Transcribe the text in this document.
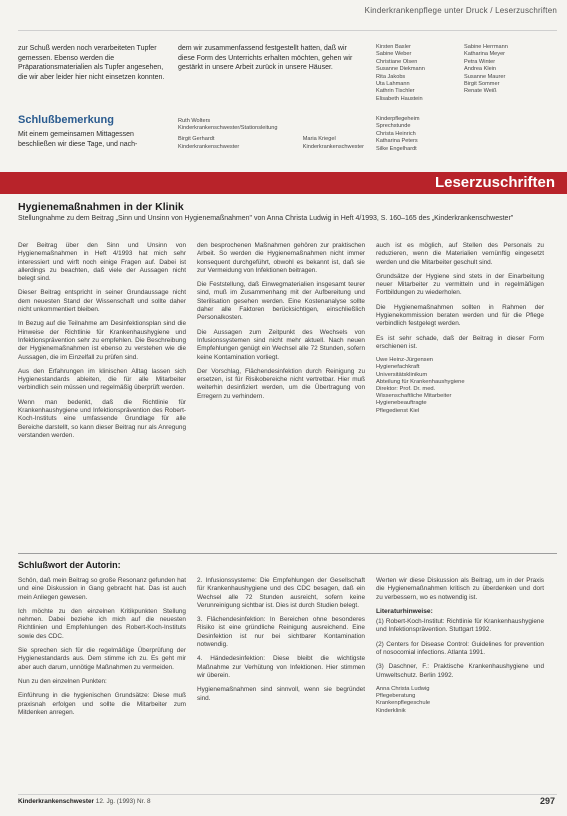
Kinderkrankenpflege unter Druck / Leserzuschriften
zur Schuß werden noch verarbeiteten Tupfer gemessen. Ebenso werden die Präparationsmaterialien als Tupfer angesehen, die wir aber leider hier nicht einsetzen konnten.
Schlußbemerkung
Mit einem gemeinsamen Mittagessen beschließen wir diese Tage, und nach-
dem wir zusammenfassend festgestellt hatten, daß wir diese Form des Unterrichts erhalten möchten, gehen wir gestärkt in unsere Arbeit zurück in unsere Häuser.
Ruth Wolters
Kinderkrankenschwester/Stationsleitung
Birgit Gerhardt
Kinderkrankenschwester
Maria Kriegel
Kinderkrankenschwester
Kirsten Basler
Sabine Weber
Christiane Olsen
Susanne Diekmann
Rita Jakobs
Uta Lahmann
Kathrin Tischler
Elisabeth Haustein
Sabine Herrmann
Katharina Meyer
Petra Winter
Andrea Klein
Susanne Maurer
Birgit Sommer
Renate Weiß
Kinderpflegeheim
Sprechstunde
Christa Heinrich
Katharina Peters
Silke Engelhardt
Leserzuschriften
Hygienemaßnahmen in der Klinik
Stellungnahme zu dem Beitrag „Sinn und Unsinn von Hygienemaßnahmen" von Anna Christa Ludwig in Heft 4/1993, S. 160–165 des „Kinderkrankenschwester"

Der Beitrag über den Sinn und Unsinn von Hygienemaßnahmen in Heft 4/1993 hat mich sehr interessiert und wirft noch einige Fragen auf. Dabei ist allerdings zu beachten, daß viele der Aussagen nicht belegt sind.

Dieser Beitrag entspricht in seiner Grundaussage nicht dem neuesten Stand der Wissenschaft und sollte daher nicht unkommentiert bleiben.

In Bezug auf die Teilnahme am Desinfektionsplan sind die Hinweise der Richtlinie für Krankenhaushygiene und Infektionsprävention sehr zu empfehlen. Die Beschreibung der Hygienemaßnahmen ist ebenso zu verstehen wie die Aussagen, die im Einzelfall zu prüfen sind.

Aus den Erfahrungen im klinischen Alltag lassen sich Hygienestandards ableiten, die für alle Mitarbeiter verbindlich sein müssen und regelmäßig überprüft werden.

Wenn man bedenkt, daß die Richtlinie für Krankenhaushygiene und Infektionsprävention des Robert-Koch-Instituts eine umfassende Grundlage für alle Bereiche darstellt, so kann dieser Beitrag nur als Anregung verstanden werden.

den besprochenen Maßnahmen gehören zur praktischen Arbeit. So werden die Hygienemaßnahmen nicht immer konsequent durchgeführt, obwohl es bekannt ist, daß sie zur Vermeidung von Infektionen beitragen.

Die Feststellung, daß Einwegmaterialien insgesamt teurer sind, muß im Zusammenhang mit der Aufbereitung und Sterilisation gesehen werden. Eine Kostenanalyse sollte daher alle Faktoren berücksichtigen, einschließlich Personalkosten.

Die Aussagen zum Zeitpunkt des Wechsels von Infusionssystemen sind nicht mehr aktuell. Nach neuen Empfehlungen genügt ein Wechsel alle 72 Stunden, sofern keine Kontamination vorliegt.

Der Vorschlag, Flächendesinfektion durch Reinigung zu ersetzen, ist für Risikobereiche nicht vertretbar. Hier muß weiterhin desinfiziert werden, um die Übertragung von Erregern zu verhindern.

auch ist es möglich, auf Stellen des Personals zu reduzieren, wenn die Materialien vernünftig eingesetzt werden und die Mitarbeiter geschult sind.

Grundsätze der Hygiene sind stets in der Einarbeitung neuer Mitarbeiter zu vermitteln und in regelmäßigen Fortbildungen zu wiederholen.

Die Hygienemaßnahmen sollten in Rahmen der Hygienekommission beraten werden und für die Pflege verbindlich festgelegt werden.

Es ist sehr schade, daß der Beitrag in dieser Form erschienen ist.

Uwe Heinz-Jürgensen
Hygienefachkraft
Universitätsklinikum
Abteilung für Krankenhaushygiene
Direktor: Prof. Dr. med.
Wissenschaftliche Mitarbeiter
Hygienebeauftragte
Pflegedienst Kiel
Schlußwort der Autorin:

Schön, daß mein Beitrag so große Resonanz gefunden hat und eine Diskussion in Gang gebracht hat. Das ist auch mein Anliegen gewesen.

Ich möchte zu den einzelnen Kritikpunkten Stellung nehmen. Dabei beziehe ich mich auf die neuesten Richtlinien und Empfehlungen des Robert-Koch-Instituts sowie des CDC.

Sie sprechen sich für die regelmäßige Überprüfung der Hygienestandards aus. Dem stimme ich zu. Es geht mir aber auch darum, unnötige Maßnahmen zu vermeiden.

Nun zu den einzelnen Punkten:

Einführung in die hygienischen Grundsätze: Diese muß praxisnah erfolgen und sollte die Mitarbeiter zum Mitdenken anregen.

2. Infusionssysteme: Die Empfehlungen der Gesellschaft für Krankenhaushygiene und des CDC besagen, daß ein Wechsel alle 72 Stunden ausreicht, sofern keine Verunreinigung sichtbar ist. Dies ist durch Studien belegt.

3. Flächendesinfektion: In Bereichen ohne besonderes Risiko ist eine gründliche Reinigung ausreichend. Eine Desinfektion ist nur bei sichtbarer Kontamination notwendig.

4. Händedesinfektion: Diese bleibt die wichtigste Maßnahme zur Verhütung von Infektionen. Hier stimmen wir überein.

Hygienemaßnahmen sind sinnvoll, wenn sie begründet sind.

Werten wir diese Diskussion als Beitrag, um in der Praxis die Hygienemaßnahmen kritisch zu überdenken und dort zu verbessern, wo es notwendig ist.

Literaturhinweise:

(1) Robert-Koch-Institut: Richtlinie für Krankenhaushygiene und Infektionsprävention. Stuttgart 1992.

(2) Centers for Disease Control: Guidelines for prevention of nosocomial infections. Atlanta 1991.

(3) Daschner, F.: Praktische Krankenhaushygiene und Umweltschutz. Berlin 1992.

Anna Christa Ludwig
Pflegeberatung
Krankenpflegeschule
Kinderklinik
Kinderkrankenschwester 12. Jg. (1993) Nr. 8	297
